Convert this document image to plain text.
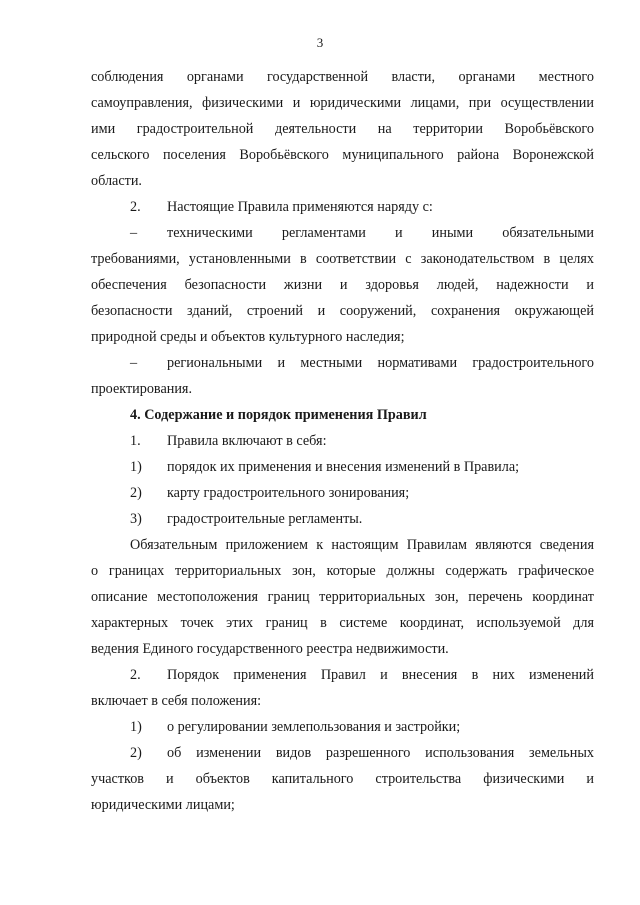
3
соблюдения органами государственной власти, органами местного
самоуправления, физическими и юридическими лицами, при осуществлении
ими градостроительной деятельности на территории Воробьёвского
сельского поселения Воробьёвского муниципального района Воронежской
области.
2. Настоящие Правила применяются наряду с:
– техническими регламентами и иными обязательными
требованиями, установленными в соответствии с законодательством в целях
обеспечения безопасности жизни и здоровья людей, надежности и
безопасности зданий, строений и сооружений, сохранения окружающей
природной среды и объектов культурного наследия;
– региональными и местными нормативами градостроительного
проектирования.
4. Содержание и порядок применения Правил
1. Правила включают в себя:
1) порядок их применения и внесения изменений в Правила;
2) карту градостроительного зонирования;
3) градостроительные регламенты.
Обязательным приложением к настоящим Правилам являются сведения
о границах территориальных зон, которые должны содержать графическое
описание местоположения границ территориальных зон, перечень координат
характерных точек этих границ в системе координат, используемой для
ведения Единого государственного реестра недвижимости.
2. Порядок применения Правил и внесения в них изменений
включает в себя положения:
1) о регулировании землепользования и застройки;
2) об изменении видов разрешенного использования земельных
участков и объектов капитального строительства физическими и
юридическими лицами;
